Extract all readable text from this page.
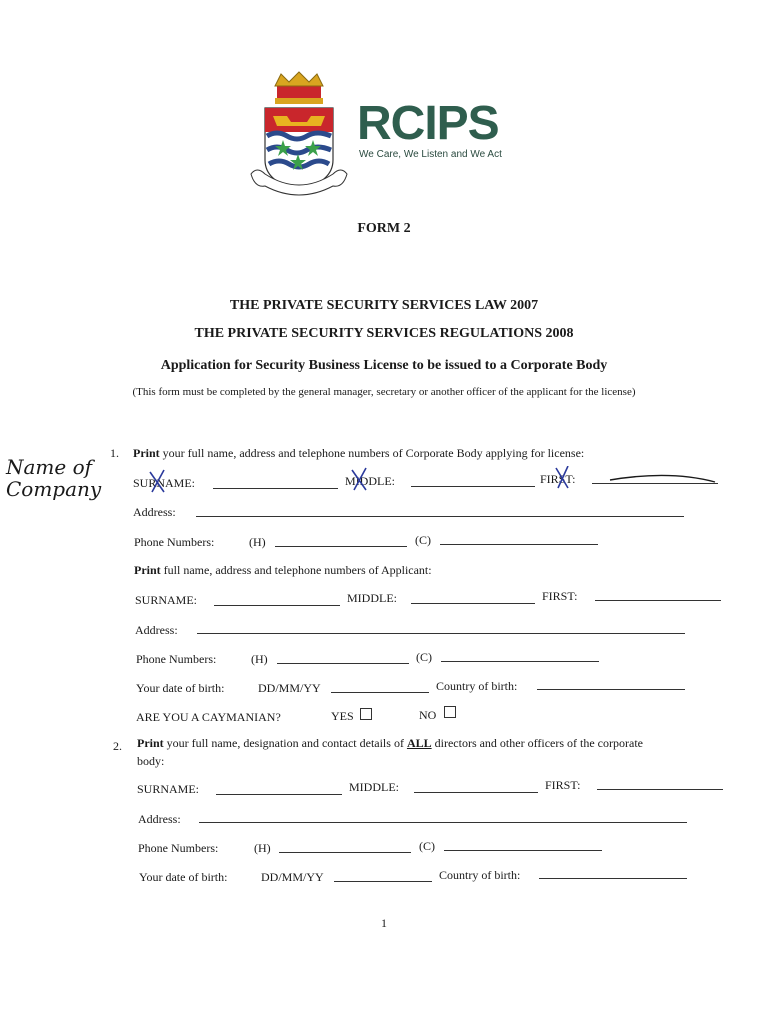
RCIPS
We Care, We Listen and We Act
FORM 2
THE PRIVATE SECURITY SERVICES LAW 2007
THE PRIVATE SECURITY SERVICES REGULATIONS 2008
Application for Security Business License to be issued to a Corporate Body
(This form must be completed by the general manager, secretary or another officer of the applicant for the license)
Name of Company
1. Print your full name, address and telephone numbers of Corporate Body applying for license:
SURNAME:	MIDDLE:	FIRST:
Address:
Phone Numbers:	(H)	(C)
Print full name, address and telephone numbers of Applicant:
SURNAME:	MIDDLE:	FIRST:
Address:
Phone Numbers:	(H)	(C)
Your date of birth:	DD/MM/YY	Country of birth:
ARE YOU A CAYMANIAN?	YES	NO
2. Print your full name, designation and contact details of ALL directors and other officers of the corporate
body:
SURNAME:	MIDDLE:	FIRST:
Address:
Phone Numbers:	(H)	(C)
Your date of birth:	DD/MM/YY	Country of birth:
1
